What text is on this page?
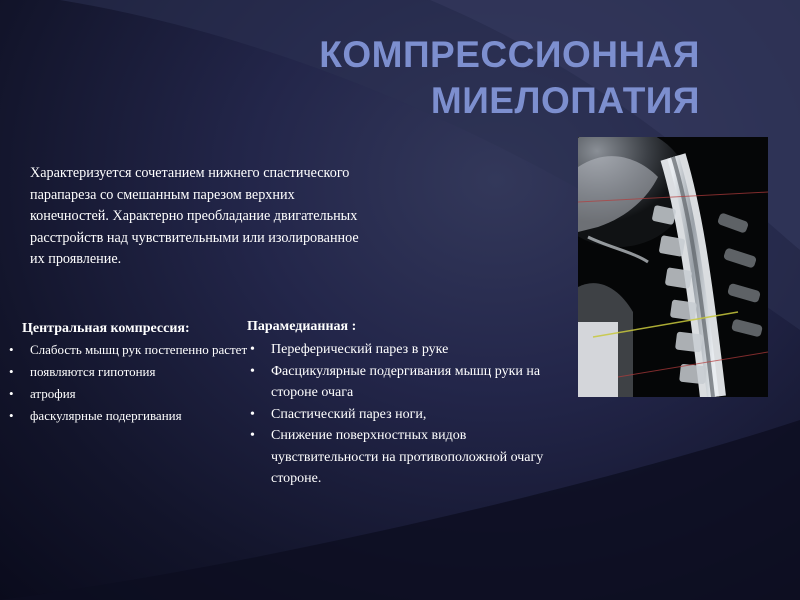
КОМПРЕССИОННАЯ МИЕЛОПАТИЯ

Характеризуется сочетанием нижнего спастического парапареза со смешанным парезом верхних конечностей. Характерно преобладание двигательных расстройств над чувствительными или изолированное их проявление.

Центральная компрессия:
• Слабость мышц рук постепенно растет
• появляются гипотония
• атрофия
• фаскулярные подергивания
Парамедианная :
• Переферический парез в руке
• Фасцикулярные подергивания мышц руки на стороне очага
• Спастический парез ноги,
• Снижение поверхностных видов чувствительности на противоположной очагу стороне.
